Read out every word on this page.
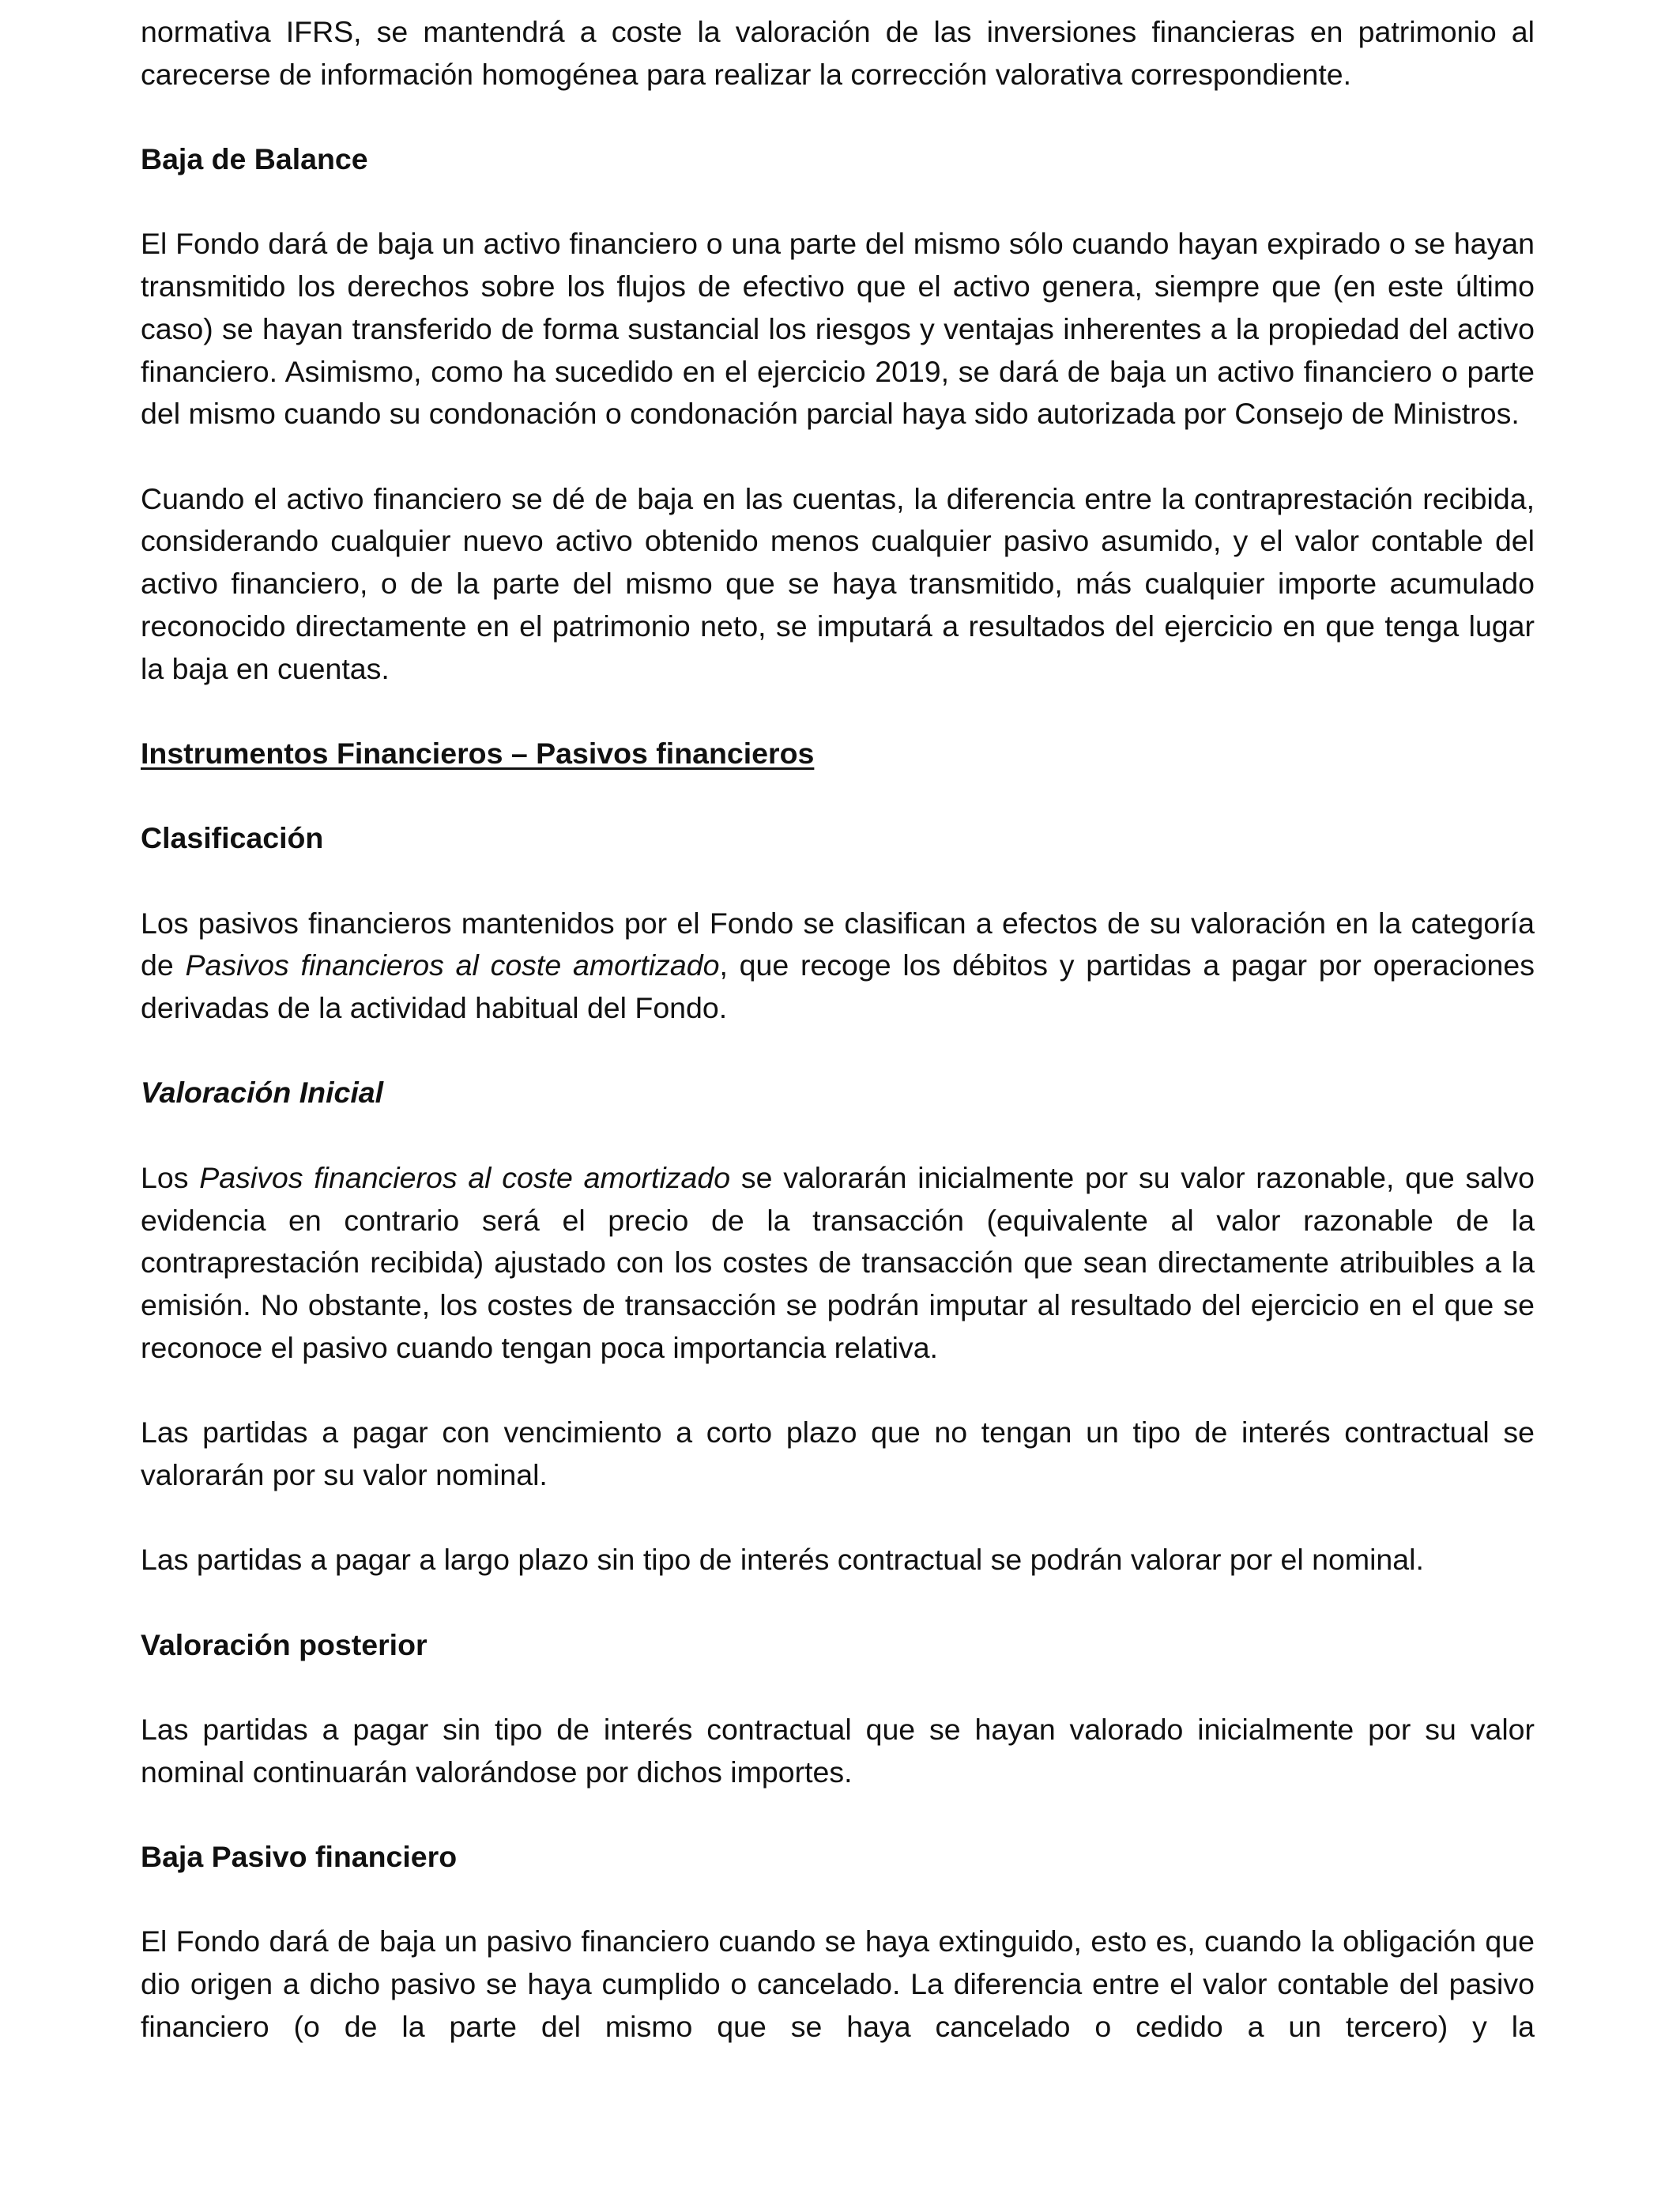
normativa IFRS, se mantendrá a coste la valoración de las inversiones financieras en patrimonio al carecerse de información homogénea para realizar la corrección valorativa correspondiente.

Baja de Balance

El Fondo dará de baja un activo financiero o una parte del mismo sólo cuando hayan expirado o se hayan transmitido los derechos sobre los flujos de efectivo que el activo genera, siempre que (en este último caso) se hayan transferido de forma sustancial los riesgos y ventajas inherentes a la propiedad del activo financiero. Asimismo, como ha sucedido en el ejercicio 2019, se dará de baja un activo financiero o parte del mismo cuando su condonación o condonación parcial haya sido autorizada por Consejo de Ministros.

Cuando el activo financiero se dé de baja en las cuentas, la diferencia entre la contraprestación recibida, considerando cualquier nuevo activo obtenido menos cualquier pasivo asumido, y el valor contable del activo financiero, o de la parte del mismo que se haya transmitido, más cualquier importe acumulado reconocido directamente en el patrimonio neto, se imputará a resultados del ejercicio en que tenga lugar la baja en cuentas.

Instrumentos Financieros – Pasivos financieros
Clasificación

Los pasivos financieros mantenidos por el Fondo se clasifican a efectos de su valoración en la categoría de Pasivos financieros al coste amortizado, que recoge los débitos y partidas a pagar por operaciones derivadas de la actividad habitual del Fondo.

Valoración Inicial

Los Pasivos financieros al coste amortizado se valorarán inicialmente por su valor razonable, que salvo evidencia en contrario será el precio de la transacción (equivalente al valor razonable de la contraprestación recibida) ajustado con los costes de transacción que sean directamente atribuibles a la emisión. No obstante, los costes de transacción se podrán imputar al resultado del ejercicio en el que se reconoce el pasivo cuando tengan poca importancia relativa.

Las partidas a pagar con vencimiento a corto plazo que no tengan un tipo de interés contractual se valorarán por su valor nominal.

Las partidas a pagar a largo plazo sin tipo de interés contractual se podrán valorar por el nominal.

Valoración posterior

Las partidas a pagar sin tipo de interés contractual que se hayan valorado inicialmente por su valor nominal continuarán valorándose por dichos importes.

Baja Pasivo financiero

El Fondo dará de baja un pasivo financiero cuando se haya extinguido, esto es, cuando la obligación que dio origen a dicho pasivo se haya cumplido o cancelado. La diferencia entre el valor contable del pasivo financiero (o de la parte del mismo que se haya cancelado o cedido a un tercero) y la
